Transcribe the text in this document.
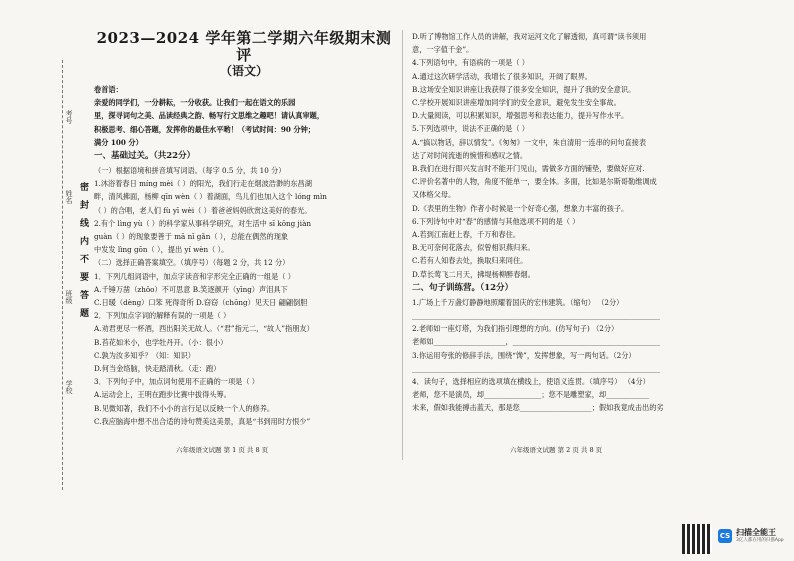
考号
姓名
班级
学校
密
封
线
内
不
要
答
题
2023—2024 学年第二学期六年级期末测评
（语文）

卷首语：

亲爱的同学们，一分耕耘，一分收获。让我们一起在语文的乐园

里，探寻词句之美、品读经典之韵、畅写行文思维之趣吧！请认真审题，

积极思考、细心答题，发挥你的最佳水平哟！（考试时间：90 分钟；

满分 100 分）

一、基础过关。（共22分）

（一）根据语境和拼音填写词语。（每字 0.5 分，共 10 分）

1.沐浴着春日 míng mèi（ ）的阳光，我们行走在烟波浩渺的东昌湖

畔，清风拂面，杨柳 qīn wèn（ ）着湖面，鸟儿们也加入这个 lóng mìn

（ ）的合唱，老人们 fù yī wèi（ ）着爸爸妈妈欣赏这美好的春光。

2.有个 lìng yù（ ）的科学家从事科学研究，对生活中 sī kōng jiàn

guàn（ ）的现象要善于 mā nī gǎn（ ），总能在偶然的现象

中发发 lìng gōn（ ），提出 yí wèn（ ）。

（二）选择正确答案填空。（填序号）（每题 2 分，共 12 分）

1．下列几组词语中，加点字读音和字形完全正确的一组是（ ）

A.千锤万凿（zhǒo）不可思意 B.笑逐颜开（yīng）声泪具下

C.日暖（dèng）口笨 死得奇所 D.窃窃（chōng）见天日 翩翩倒胆

2．下列加点字词的解释有误的一项是（ ）

A.劝君更尽一杯酒，西出阳关无故人。（“君”指元二，“故人”指朋友）

B.苔花如米小，也学牡丹开。（小：很小）

C.孰为汝多知乎？（知：知识）

D.何当金络脑，快走踏清秋。（走：跑）

3．下列句子中，加点词句使用不正确的一项是（ ）

A.运动会上，王明在跑步比赛中拔得头筹。

B.见微知著，我们不小小的言行足以反映一个人的修养。

C.我应脑海中想不出合适的诗句赞美这美景，真是“书到用时方恨少”

D.听了博物馆工作人员的讲解，我对运河文化了解透彻，真可谓“读书须用

意，一字值千金”。

4.下列语句中，有语病的一项是（ ）

A.通过这次研学活动，我增长了很多知识，开阔了眼界。

B.这场安全知识讲座让我获得了很多安全知识，提升了我的安全意识。

C.学校开展知识讲座增加同学们的安全意识，避免发生安全事故。

D.大量阅读，可以积累知识，增强思考和表达能力，提升写作水平。

5.下列选项中，说法不正确的是（ ）

A.“搞以物话，辞以情发”。《匆匆》一文中，朱自清用一连串的问句直接表

达了对时间流逝的惋惜和感叹之情。

B.我们在进行即兴发言时不能开门见山，需做多方面的铺垫，要做好应对.

C.评价名著中的人物，角度不能单一，要全体。多面，比如是尔斯哥勒维调成

又体格父母。

D.《表里的生物》作者小时候是一个好奇心强，想象力丰富的孩子。

6.下列诗句中对“春”的感情与其他选项不同的是（ ）

A.若到江南赶上春，千万和春住。

B.无可奈何花落去，似曾相识燕归来。

C.若有人知春去处，换取归来同住。

D.草长莺飞二月天，拂堤杨柳醉春烟。

二、句子训练营。（12分）

1.广场上千万盏灯静静地照耀着国庆的宏伟建筑。（缩句） （2分）

_____________________________________________________________________

2.老师如一座灯塔，为我们指引理想的方向。(仿写句子) （2分）

老师如____________________，_________________________________________

3.你运用夸张的修辞手法，围绕“馋”，发挥想象，写一两句话。（2分）

_____________________________________________________________________

4．读句子，选择相应的选项填在横线上，使语义连贯。（填序号） （4分）

老师，您不是演员，却________________；您不是雕塑家，却____________

未来，假如我能搏击蓝天，那是您____________________；假如我竟成击出的劣

六年级语文试题 第 1 页 共 8 页	六年级语文试题 第 2 页 共 8 页
CS 扫描全能王
3亿人都在用的扫描App
